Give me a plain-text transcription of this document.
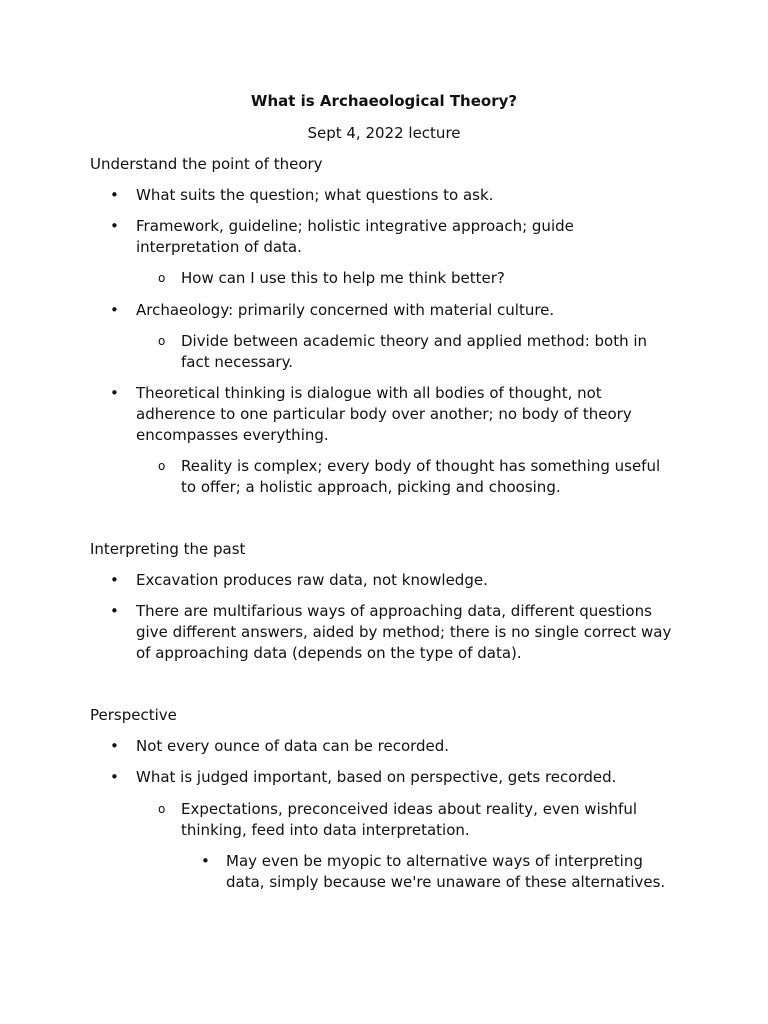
What is Archaeological Theory?
Sept 4, 2022 lecture
Understand the point of theory
• What suits the question; what questions to ask.
• Framework, guideline; holistic integrative approach; guide interpretation of data.
o How can I use this to help me think better?
• Archaeology: primarily concerned with material culture.
o Divide between academic theory and applied method: both in fact necessary.
• Theoretical thinking is dialogue with all bodies of thought, not adherence to one particular body over another; no body of theory encompasses everything.
o Reality is complex; every body of thought has something useful to offer; a holistic approach, picking and choosing.
Interpreting the past
• Excavation produces raw data, not knowledge.
• There are multifarious ways of approaching data, different questions give different answers, aided by method; there is no single correct way of approaching data (depends on the type of data).
Perspective
• Not every ounce of data can be recorded.
• What is judged important, based on perspective, gets recorded.
o Expectations, preconceived ideas about reality, even wishful thinking, feed into data interpretation.
• May even be myopic to alternative ways of interpreting data, simply because we're unaware of these alternatives.
